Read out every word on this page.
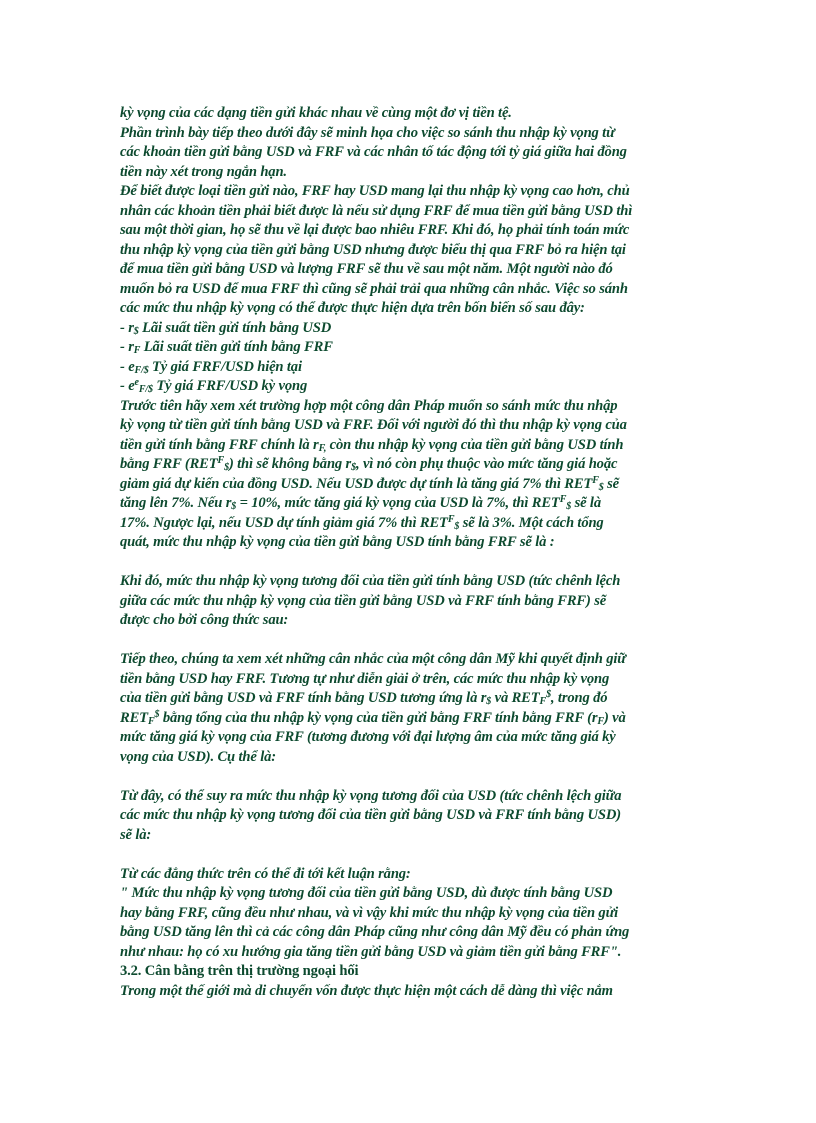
kỳ vọng của các dạng tiền gửi khác nhau về cùng một đơ vị tiền tệ.
Phần trình bày tiếp theo dưới đây sẽ minh họa cho việc so sánh thu nhập kỳ vọng từ
các khoản tiền gửi bằng USD và FRF và các nhân tố tác động tới tỷ giá giữa hai đồng
tiền này xét trong ngắn hạn.
Để biết được loại tiền gửi nào, FRF hay USD mang lại thu nhập kỳ vọng cao hơn, chủ
nhân các khoản tiền phải biết được là nếu sử dụng FRF để mua tiền gửi bằng USD thì
sau một thời gian, họ sẽ thu về lại được bao nhiêu FRF. Khi đó, họ phải tính toán mức
thu nhập kỳ vọng của tiền gửi bằng USD nhưng được biểu thị qua FRF bỏ ra hiện tại
để mua tiền gửi bằng USD và lượng FRF sẽ thu về sau một năm. Một người nào đó
muốn bỏ ra USD để mua FRF thì cũng sẽ phải trải qua những cân nhắc. Việc so sánh
các mức thu nhập kỳ vọng có thể được thực hiện dựa trên bốn biến số sau đây:
- $r_{\$}$ Lãi suất tiền gửi tính bằng USD
- $r_F$ Lãi suất tiền gửi tính bằng FRF
- $e_{F/\$}$ Tỷ giá FRF/USD hiện tại
- $e^e_{F/\$}$ Tỷ giá FRF/USD kỳ vọng
Trước tiên hãy xem xét trường hợp một công dân Pháp muốn so sánh mức thu nhập
kỳ vọng từ tiền gửi tính bằng USD và FRF. Đối với người đó thì thu nhập kỳ vọng của
tiền gửi tính bằng FRF chính là $r_{F,}$ còn thu nhập kỳ vọng của tiền gửi bằng USD tính
bằng FRF $(RET^F_{\$})$ thì sẽ không bằng $r_{\$}$, vì nó còn phụ thuộc vào mức tăng giá hoặc
giảm giá dự kiến của đồng USD. Nếu USD được dự tính là tăng giá 7% thì $RET^F_{\$}$ sẽ
tăng lên 7%. Nếu $r_{\$} = 10\%$, mức tăng giá kỳ vọng của USD là 7%, thì $RET^F_{\$}$ sẽ là
17%. Ngược lại, nếu USD dự tính giảm giá 7% thì $RET^F_{\$}$ sẽ là 3%. Một cách tổng
quát, mức thu nhập kỳ vọng của tiền gửi bằng USD tính bằng FRF sẽ là :
Khi đó, mức thu nhập kỳ vọng tương đối của tiền gửi tính bằng USD (tức chênh lệch
giữa các mức thu nhập kỳ vọng của tiền gửi bằng USD và FRF tính bằng FRF) sẽ
được cho bởi công thức sau:
Tiếp theo, chúng ta xem xét những cân nhắc của một công dân Mỹ khi quyết định giữ
tiền bằng USD hay FRF. Tương tự như diễn giải ở trên, các mức thu nhập kỳ vọng
của tiền gửi bằng USD và FRF tính bằng USD tương ứng là $r_{\$}$ và $RET_F^{\$}$, trong đó
$RET_F^{\$}$ bằng tổng của thu nhập kỳ vọng của tiền gửi bằng FRF tính bằng FRF $(r_F)$ và
mức tăng giá kỳ vọng của FRF (tương đương với đại lượng âm của mức tăng giá kỳ
vọng của USD). Cụ thể là:
Từ đây, có thể suy ra mức thu nhập kỳ vọng tương đối của USD (tức chênh lệch giữa
các mức thu nhập kỳ vọng tương đối của tiền gửi bằng USD và FRF tính bằng USD)
sẽ là:
Từ các đẳng thức trên có thể đi tới kết luận rằng:
" Mức thu nhập kỳ vọng tương đối của tiền gửi bằng USD, dù được tính bằng USD
hay bằng FRF, cũng đều như nhau, và vì vậy khi mức thu nhập kỳ vọng của tiền gửi
bằng USD tăng lên thì cả các công dân Pháp cũng như công dân Mỹ đều có phản ứng
như nhau: họ có xu hướng gia tăng tiền gửi bằng USD và giảm tiền gửi bằng FRF".
3.2. Cân bằng trên thị trường ngoại hối
Trong một thế giới mà di chuyển vốn được thực hiện một cách dễ dàng thì việc nắm
